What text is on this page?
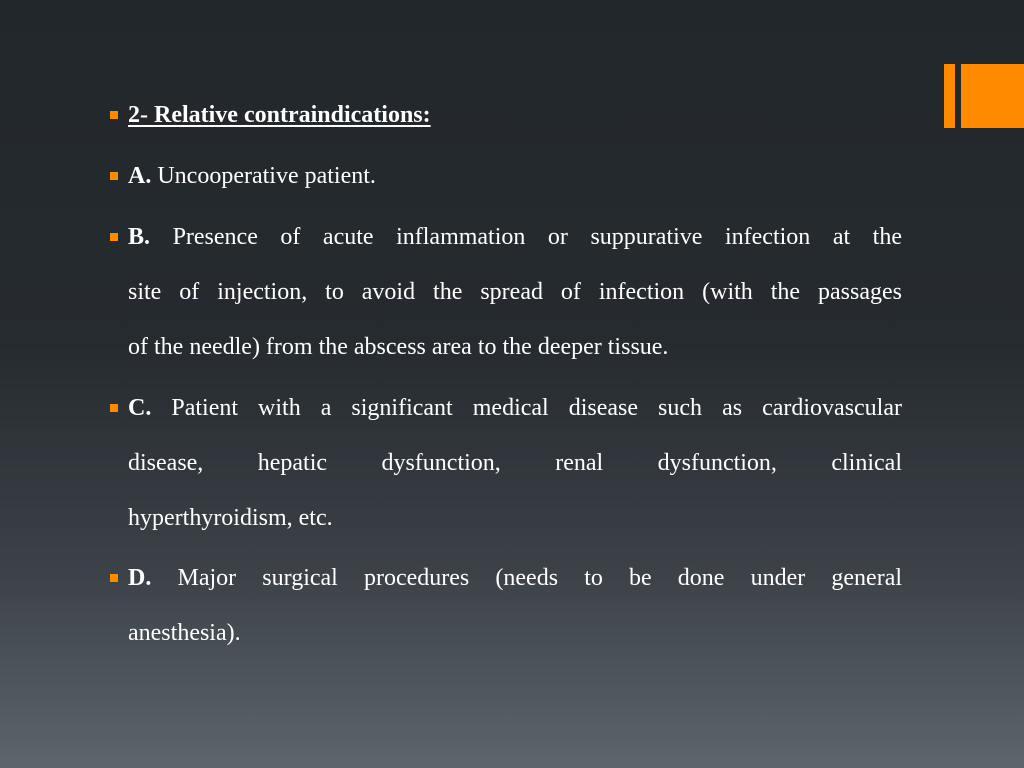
2- Relative contraindications:

A. Uncooperative patient.

B. Presence of acute inflammation or suppurative infection at the
site of injection, to avoid the spread of infection (with the passages
of the needle) from the abscess area to the deeper tissue.
C. Patient with a significant medical disease such as cardiovascular
disease, hepatic dysfunction, renal dysfunction, clinical
hyperthyroidism, etc.
D. Major surgical procedures (needs to be done under general
anesthesia).
